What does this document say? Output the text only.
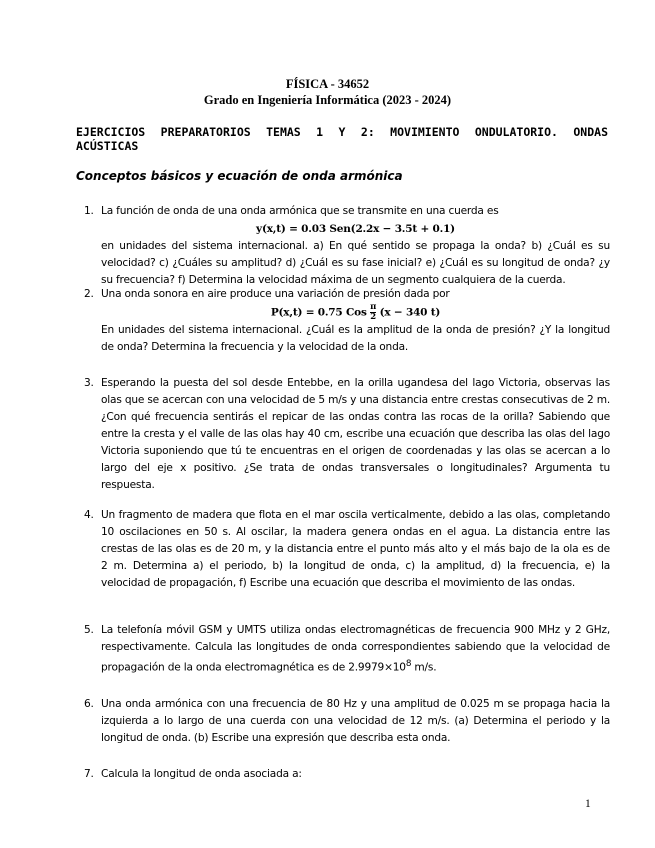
FÍSICA - 34652
Grado en Ingeniería Informática (2023 - 2024)
EJERCICIOS PREPARATORIOS TEMAS 1 Y 2: MOVIMIENTO ONDULATORIO. ONDAS ACÚSTICAS
Conceptos básicos y ecuación de onda armónica
1. La función de onda de una onda armónica que se transmite en una cuerda es

y(x,t) = 0.03 Sen(2.2x − 3.5t + 0.1)

en unidades del sistema internacional. a) En qué sentido se propaga la onda? b) ¿Cuál es su velocidad? c) ¿Cuáles su amplitud? d) ¿Cuál es su fase inicial? e) ¿Cuál es su longitud de onda? ¿y su frecuencia? f) Determina la velocidad máxima de un segmento cualquiera de la cuerda.

2. Una onda sonora en aire produce una variación de presión dada por

P(x,t) = 0.75 Cos $\frac{\pi}{2} (x - 340$ t)

En unidades del sistema internacional. ¿Cuál es la amplitud de la onda de presión? ¿Y la longitud de onda? Determina la frecuencia y la velocidad de la onda.

3. Esperando la puesta del sol desde Entebbe, en la orilla ugandesa del lago Victoria, observas las olas que se acercan con una velocidad de 5 m/s y una distancia entre crestas consecutivas de 2 m. ¿Con qué frecuencia sentirás el repicar de las ondas contra las rocas de la orilla? Sabiendo que entre la cresta y el valle de las olas hay 40 cm, escribe una ecuación que describa las olas del lago Victoria suponiendo que tú te encuentras en el origen de coordenadas y las olas se acercan a lo largo del eje x positivo. ¿Se trata de ondas transversales o longitudinales? Argumenta tu respuesta.

4. Un fragmento de madera que flota en el mar oscila verticalmente, debido a las olas, completando 10 oscilaciones en 50 s. Al oscilar, la madera genera ondas en el agua. La distancia entre las crestas de las olas es de 20 m, y la distancia entre el punto más alto y el más bajo de la ola es de 2 m. Determina a) el periodo, b) la longitud de onda, c) la amplitud, d) la frecuencia, e) la velocidad de propagación, f) Escribe una ecuación que describa el movimiento de las ondas.

5. La telefonía móvil GSM y UMTS utiliza ondas electromagnéticas de frecuencia 900 MHz y 2 GHz, respectivamente. Calcula las longitudes de onda correspondientes sabiendo que la velocidad de propagación de la onda electromagnética es de $2.9979\times 10^8$ m/s.

6. Una onda armónica con una frecuencia de 80 Hz y una amplitud de 0.025 m se propaga hacia la izquierda a lo largo de una cuerda con una velocidad de 12 m/s. (a) Determina el periodo y la longitud de onda. (b) Escribe una expresión que describa esta onda.

7. Calcula la longitud de onda asociada a:

1
